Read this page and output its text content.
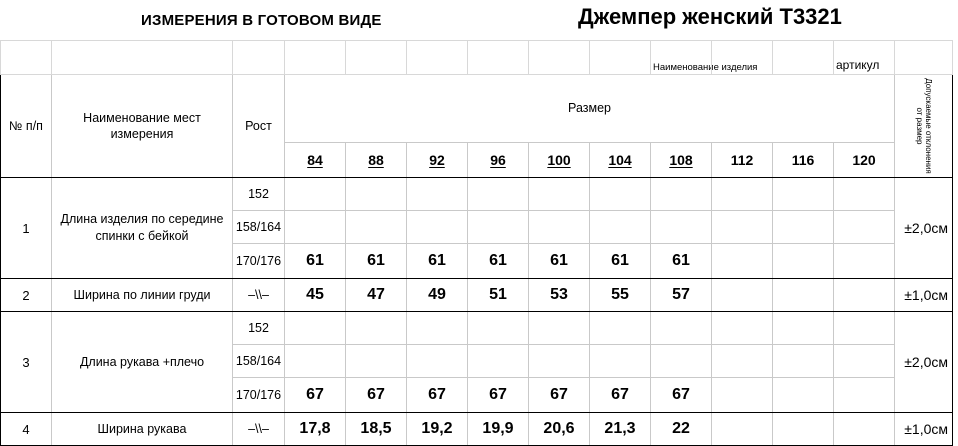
ИЗМЕРЕНИЯ В ГОТОВОМ ВИДЕ	Джемпер женский Т3321
Наименование изделия	артикул

№ п/п	Наименование мест измерения	Рост	Размер										Допускаемые отклонения от размер

			84	88	92	96	100	104	108	112	116	120	
1	Длина изделия по середине спинки с бейкой	152											±2,0см
		158/164											
		170/176	61	61	61	61	61	61	61				
2	Ширина по линии груди	–\\–	45	47	49	51	53	55	57				±1,0см
3	Длина рукава +плечо	152											±2,0см
		158/164											
		170/176	67	67	67	67	67	67	67				
4	Ширина рукава	–\\–	17,8	18,5	19,2	19,9	20,6	21,3	22				±1,0см
